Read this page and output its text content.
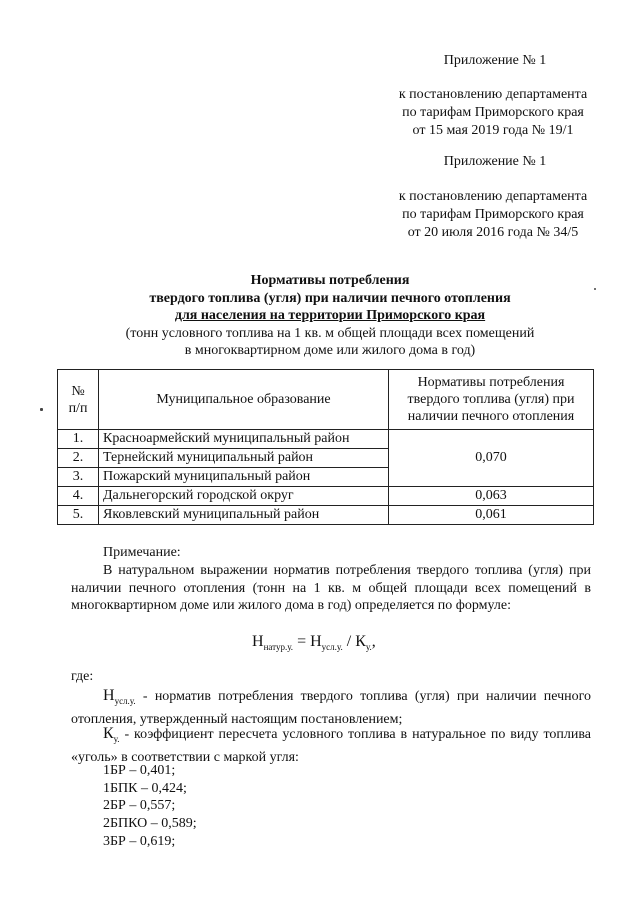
Приложение № 1
к постановлению департамента
по тарифам Приморского края
от 15 мая 2019 года № 19/1
Приложение № 1
к постановлению департамента
по тарифам Приморского края
от 20 июля 2016 года № 34/5
Нормативы потребления
твердого топлива (угля) при наличии печного отопления
для населения на территории Приморского края
(тонн условного топлива на 1 кв. м общей площади всех помещений
в многоквартирном доме или жилого дома в год)
№
п/п	Муниципальное образование	Нормативы потребления твердого топлива (угля) при наличии печного отопления
1.	Красноармейский муниципальный район	0,070
2.	Тернейский муниципальный район	
3.	Пожарский муниципальный район	
4.	Дальнегорский городской округ	0,063
5.	Яковлевский муниципальный район	0,061
Примечание:
В натуральном выражении норматив потребления твердого топлива (угля) при наличии печного отопления (тонн на 1 кв. м общей площади всех помещений в многоквартирном доме или жилого дома в год) определяется по формуле:
$Н_{натур.у.} = Н_{усл.у.} / К_{у.}$,
где:
$Н_{усл.у.}$ - норматив потребления твердого топлива (угля) при наличии печного отопления, утвержденный настоящим постановлением;
$К_{у.}$ - коэффициент пересчета условного топлива в натуральное по виду топлива «уголь» в соответствии с маркой угля:
1БР – 0,401;
1БПК – 0,424;
2БР – 0,557;
2БПКО – 0,589;
3БР – 0,619;
